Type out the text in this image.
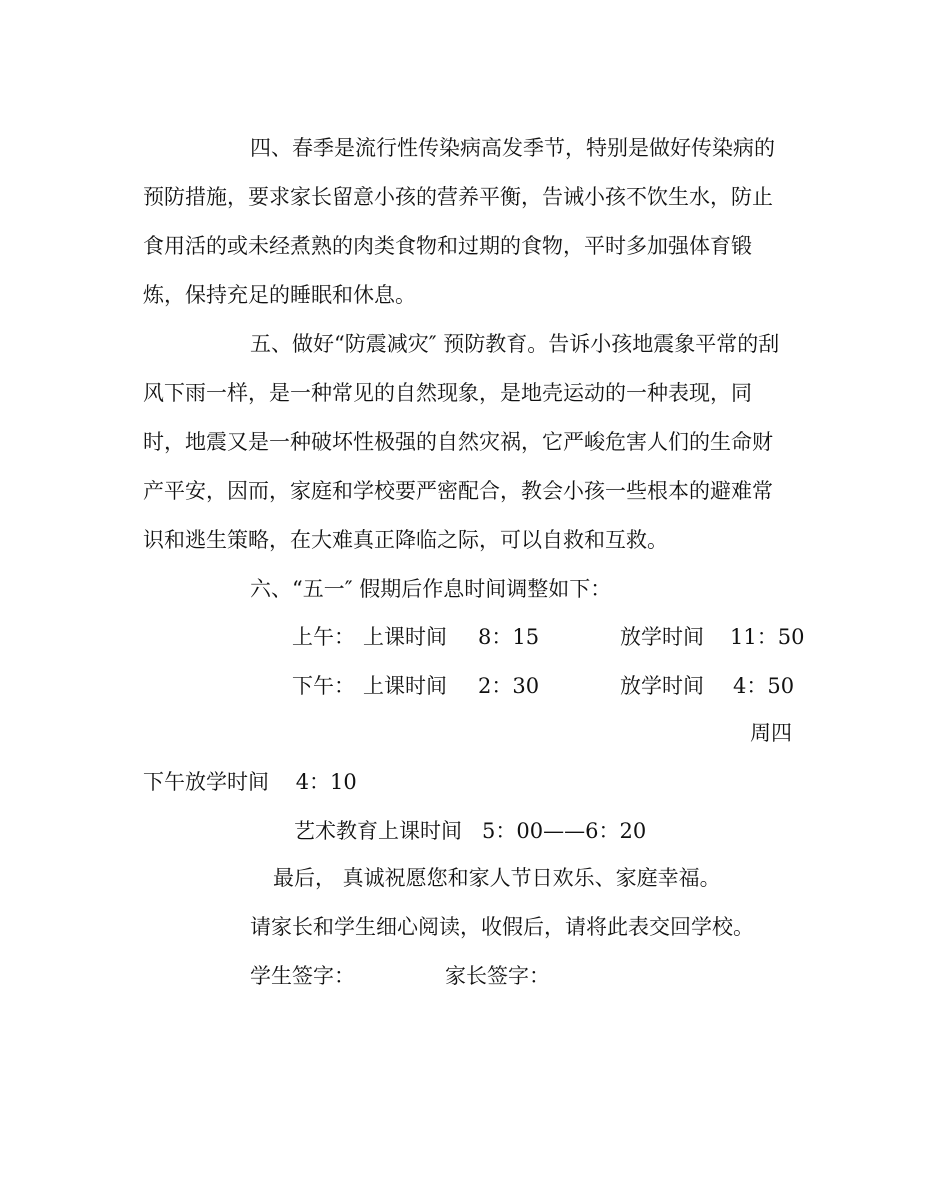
四、春季是流行性传染病高发季节，特别是做好传染病的

预防措施，要求家长留意小孩的营养平衡，告诫小孩不饮生水，防止

食用活的或未经煮熟的肉类食物和过期的食物，平时多加强体育锻

炼，保持充足的睡眠和休息。

五、做好“防震减灾″ 预防教育。告诉小孩地震象平常的刮

风下雨一样，是一种常见的自然现象，是地壳运动的一种表现，同

时，地震又是一种破坏性极强的自然灾祸，它严峻危害人们的生命财

产平安，因而，家庭和学校要严密配合，教会小孩一些根本的避难常

识和逃生策略，在大难真正降临之际，可以自救和互救。

六、“五一″ 假期后作息时间调整如下：

上午： 上课时间 8：15	放学时间 11：50
下午： 上课时间 2：30	放学时间 4：50
周四

下午放学时间    4：10

艺术教育上课时间   5：00——6：20

最后， 真诚祝愿您和家人节日欢乐、家庭幸福。

请家长和学生细心阅读，收假后，请将此表交回学校。

学生签字：	家长签字：
